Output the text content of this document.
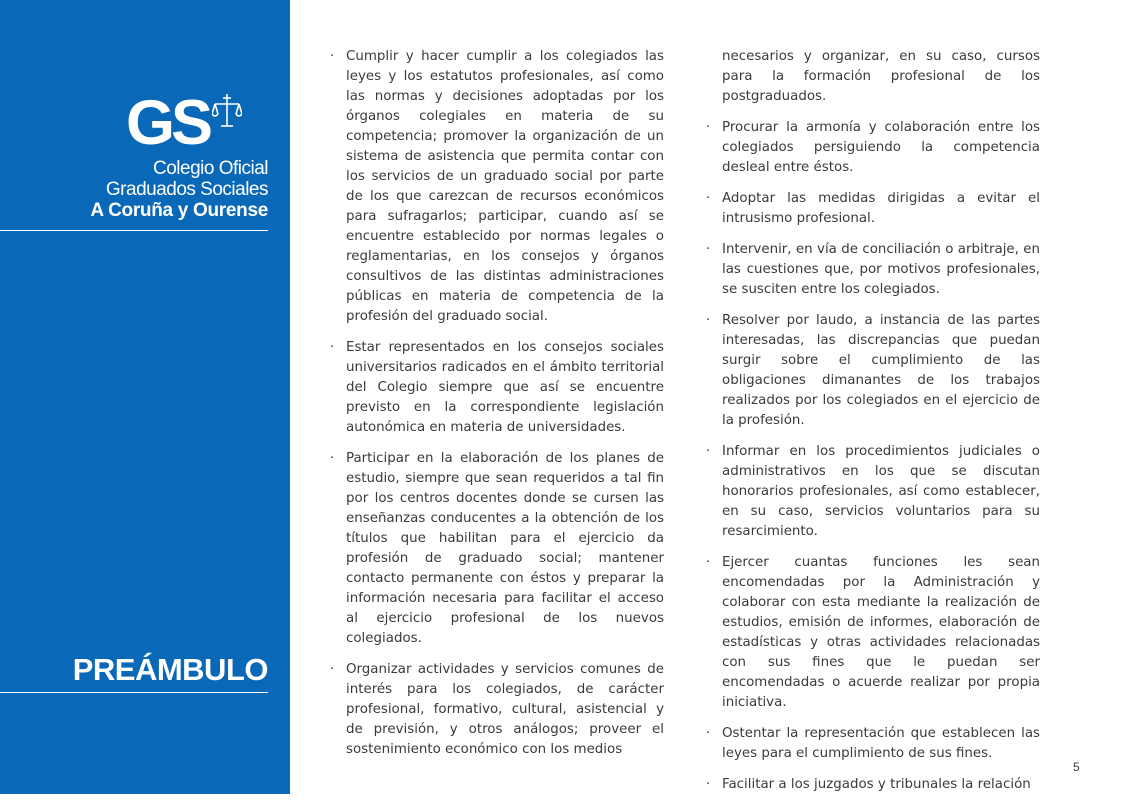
GS
Colegio Oficial
Graduados Sociales
A Coruña y Ourense
PREÁMBULO
· Cumplir y hacer cumplir a los colegiados las leyes y los estatutos profesionales, así como las normas y decisiones adoptadas por los órganos colegiales en materia de su competencia; promover la organización de un sistema de asistencia que permita contar con los servicios de un graduado social por parte de los que carezcan de recursos económicos para sufragarlos; participar, cuando así se encuentre establecido por normas legales o reglamentarias, en los consejos y órganos consultivos de las distintas administraciones públicas en materia de competencia de la profesión del graduado social.
· Estar representados en los consejos sociales universitarios radicados en el ámbito territorial del Colegio siempre que así se encuentre previsto en la correspondiente legislación autonómica en materia de universidades.
· Participar en la elaboración de los planes de estudio, siempre que sean requeridos a tal fin por los centros docentes donde se cursen las enseñanzas conducentes a la obtención de los títulos que habilitan para el ejercicio da profesión de graduado social; mantener contacto permanente con éstos y preparar la información necesaria para facilitar el acceso al ejercicio profesional de los nuevos colegiados.
· Organizar actividades y servicios comunes de interés para los colegiados, de carácter profesional, formativo, cultural, asistencial y de previsión, y otros análogos; proveer el sostenimiento económico con los medios

necesarios y organizar, en su caso, cursos para la formación profesional de los postgraduados.

· Procurar la armonía y colaboración entre los colegiados persiguiendo la competencia desleal entre éstos.
· Adoptar las medidas dirigidas a evitar el intrusismo profesional.
· Intervenir, en vía de conciliación o arbitraje, en las cuestiones que, por motivos profesionales, se susciten entre los colegiados.
· Resolver por laudo, a instancia de las partes interesadas, las discrepancias que puedan surgir sobre el cumplimiento de las obligaciones dimanantes de los trabajos realizados por los colegiados en el ejercicio de la profesión.
· Informar en los procedimientos judiciales o administrativos en los que se discutan honorarios profesionales, así como establecer, en su caso, servicios voluntarios para su resarcimiento.
· Ejercer cuantas funciones les sean encomendadas por la Administración y colaborar con esta mediante la realización de estudios, emisión de informes, elaboración de estadísticas y otras actividades relacionadas con sus fines que le puedan ser encomendadas o acuerde realizar por propia iniciativa.
· Ostentar la representación que establecen las leyes para el cumplimiento de sus fines.
· Facilitar a los juzgados y tribunales la relación
5
